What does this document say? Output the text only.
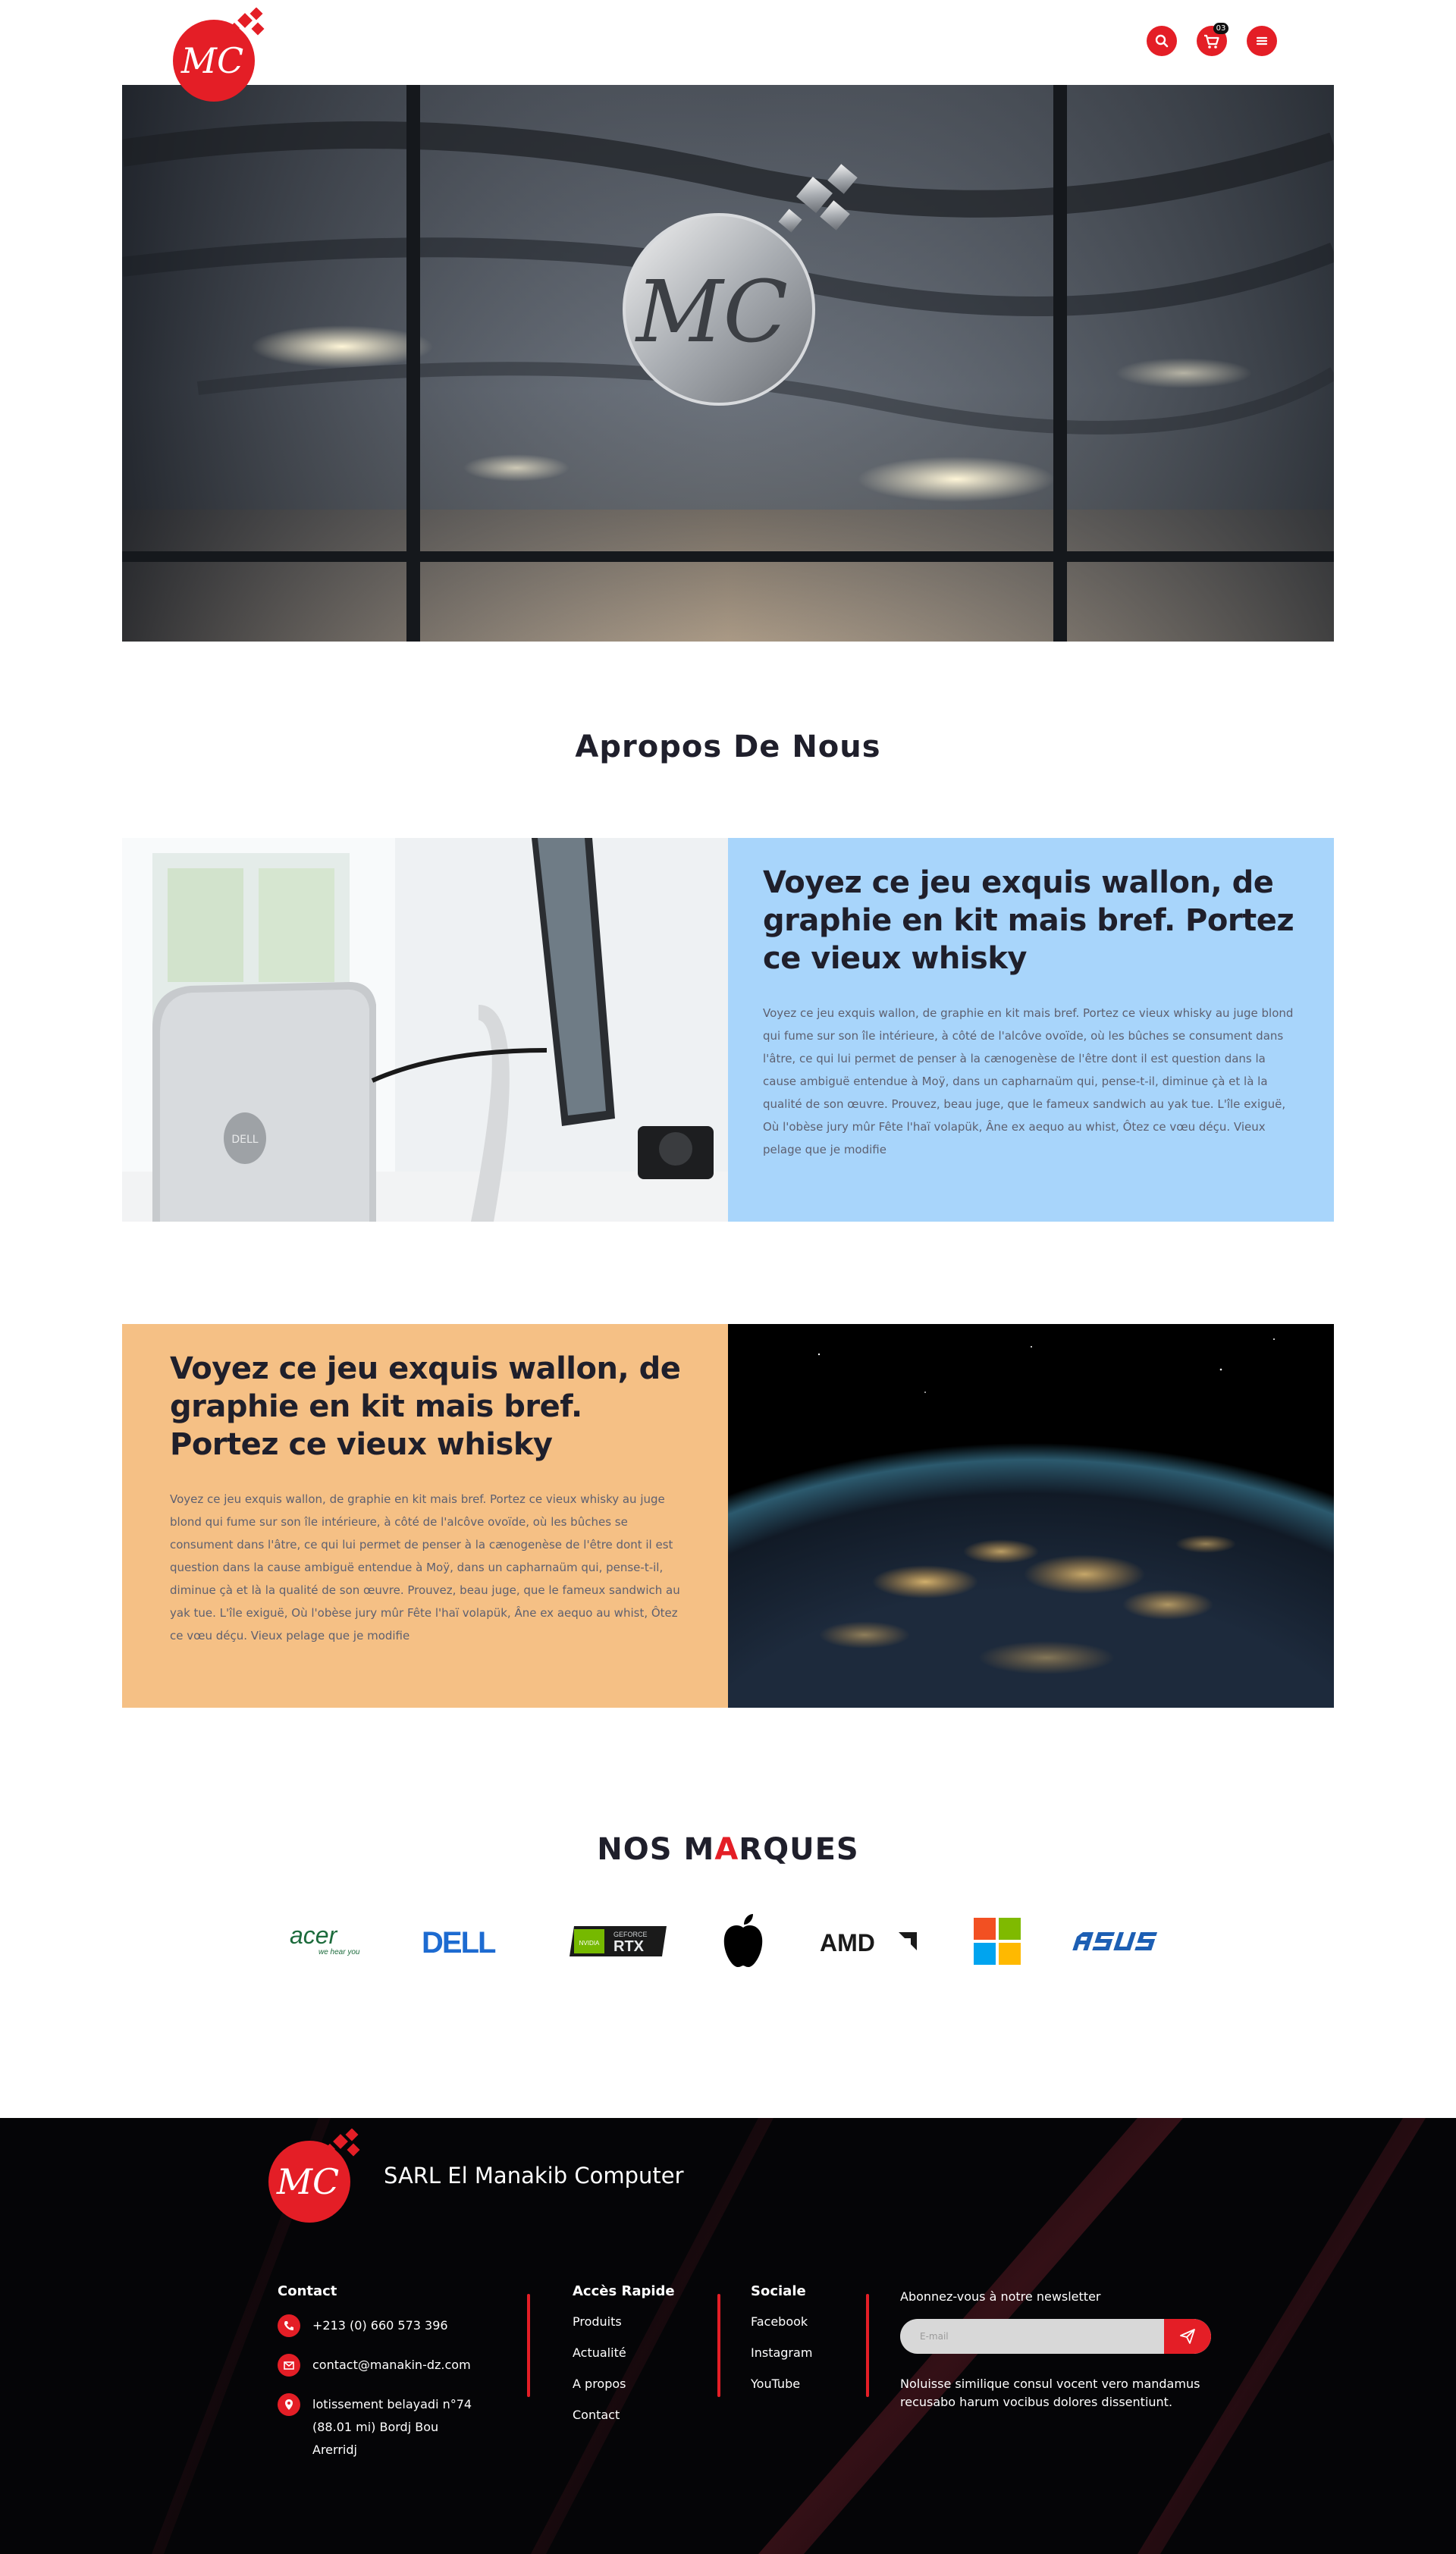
MC
03
MC
Apropos De Nous
DELL
Voyez ce jeu exquis wallon, de graphie en kit mais bref. Portez ce vieux whisky

Voyez ce jeu exquis wallon, de graphie en kit mais bref. Portez ce vieux whisky au juge blond qui fume sur son île intérieure, à côté de l'alcôve ovoïde, où les bûches se consument dans l'âtre, ce qui lui permet de penser à la cænogenèse de l'être dont il est question dans la cause ambiguë entendue à Moÿ, dans un capharnaüm qui, pense-t-il, diminue çà et là la qualité de son œuvre. Prouvez, beau juge, que le fameux sandwich au yak tue. L'île exiguë, Où l'obèse jury mûr Fête l'haï volapük, Âne ex aequo au whist, Ôtez ce vœu déçu. Vieux pelage que je modifie

Voyez ce jeu exquis wallon, de graphie en kit mais bref. Portez ce vieux whisky

Voyez ce jeu exquis wallon, de graphie en kit mais bref. Portez ce vieux whisky au juge blond qui fume sur son île intérieure, à côté de l'alcôve ovoïde, où les bûches se consument dans l'âtre, ce qui lui permet de penser à la cænogenèse de l'être dont il est question dans la cause ambiguë entendue à Moÿ, dans un capharnaüm qui, pense-t-il, diminue çà et là la qualité de son œuvre. Prouvez, beau juge, que le fameux sandwich au yak tue. L'île exiguë, Où l'obèse jury mûr Fête l'haï volapük, Âne ex aequo au whist, Ôtez ce vœu déçu. Vieux pelage que je modifie

NOS MARQUES
acer
we hear you DELL	NVIDIA
GEFORCE
RTX	AMD
MC SARL El Manakib Computer
Contact
+213 (0) 660 573 396
contact@manakin-dz.com
lotissement belayadi n°74
(88.01 mi) Bordj Bou
Arerridj
Accès Rapide
Produits
Actualité
A propos
Contact
Sociale
Facebook
Instagram
YouTube
Abonnez-vous à notre newsletter
E-mail
Noluisse similique consul vocent vero mandamus recusabo harum vocibus dolores dissentiunt.
